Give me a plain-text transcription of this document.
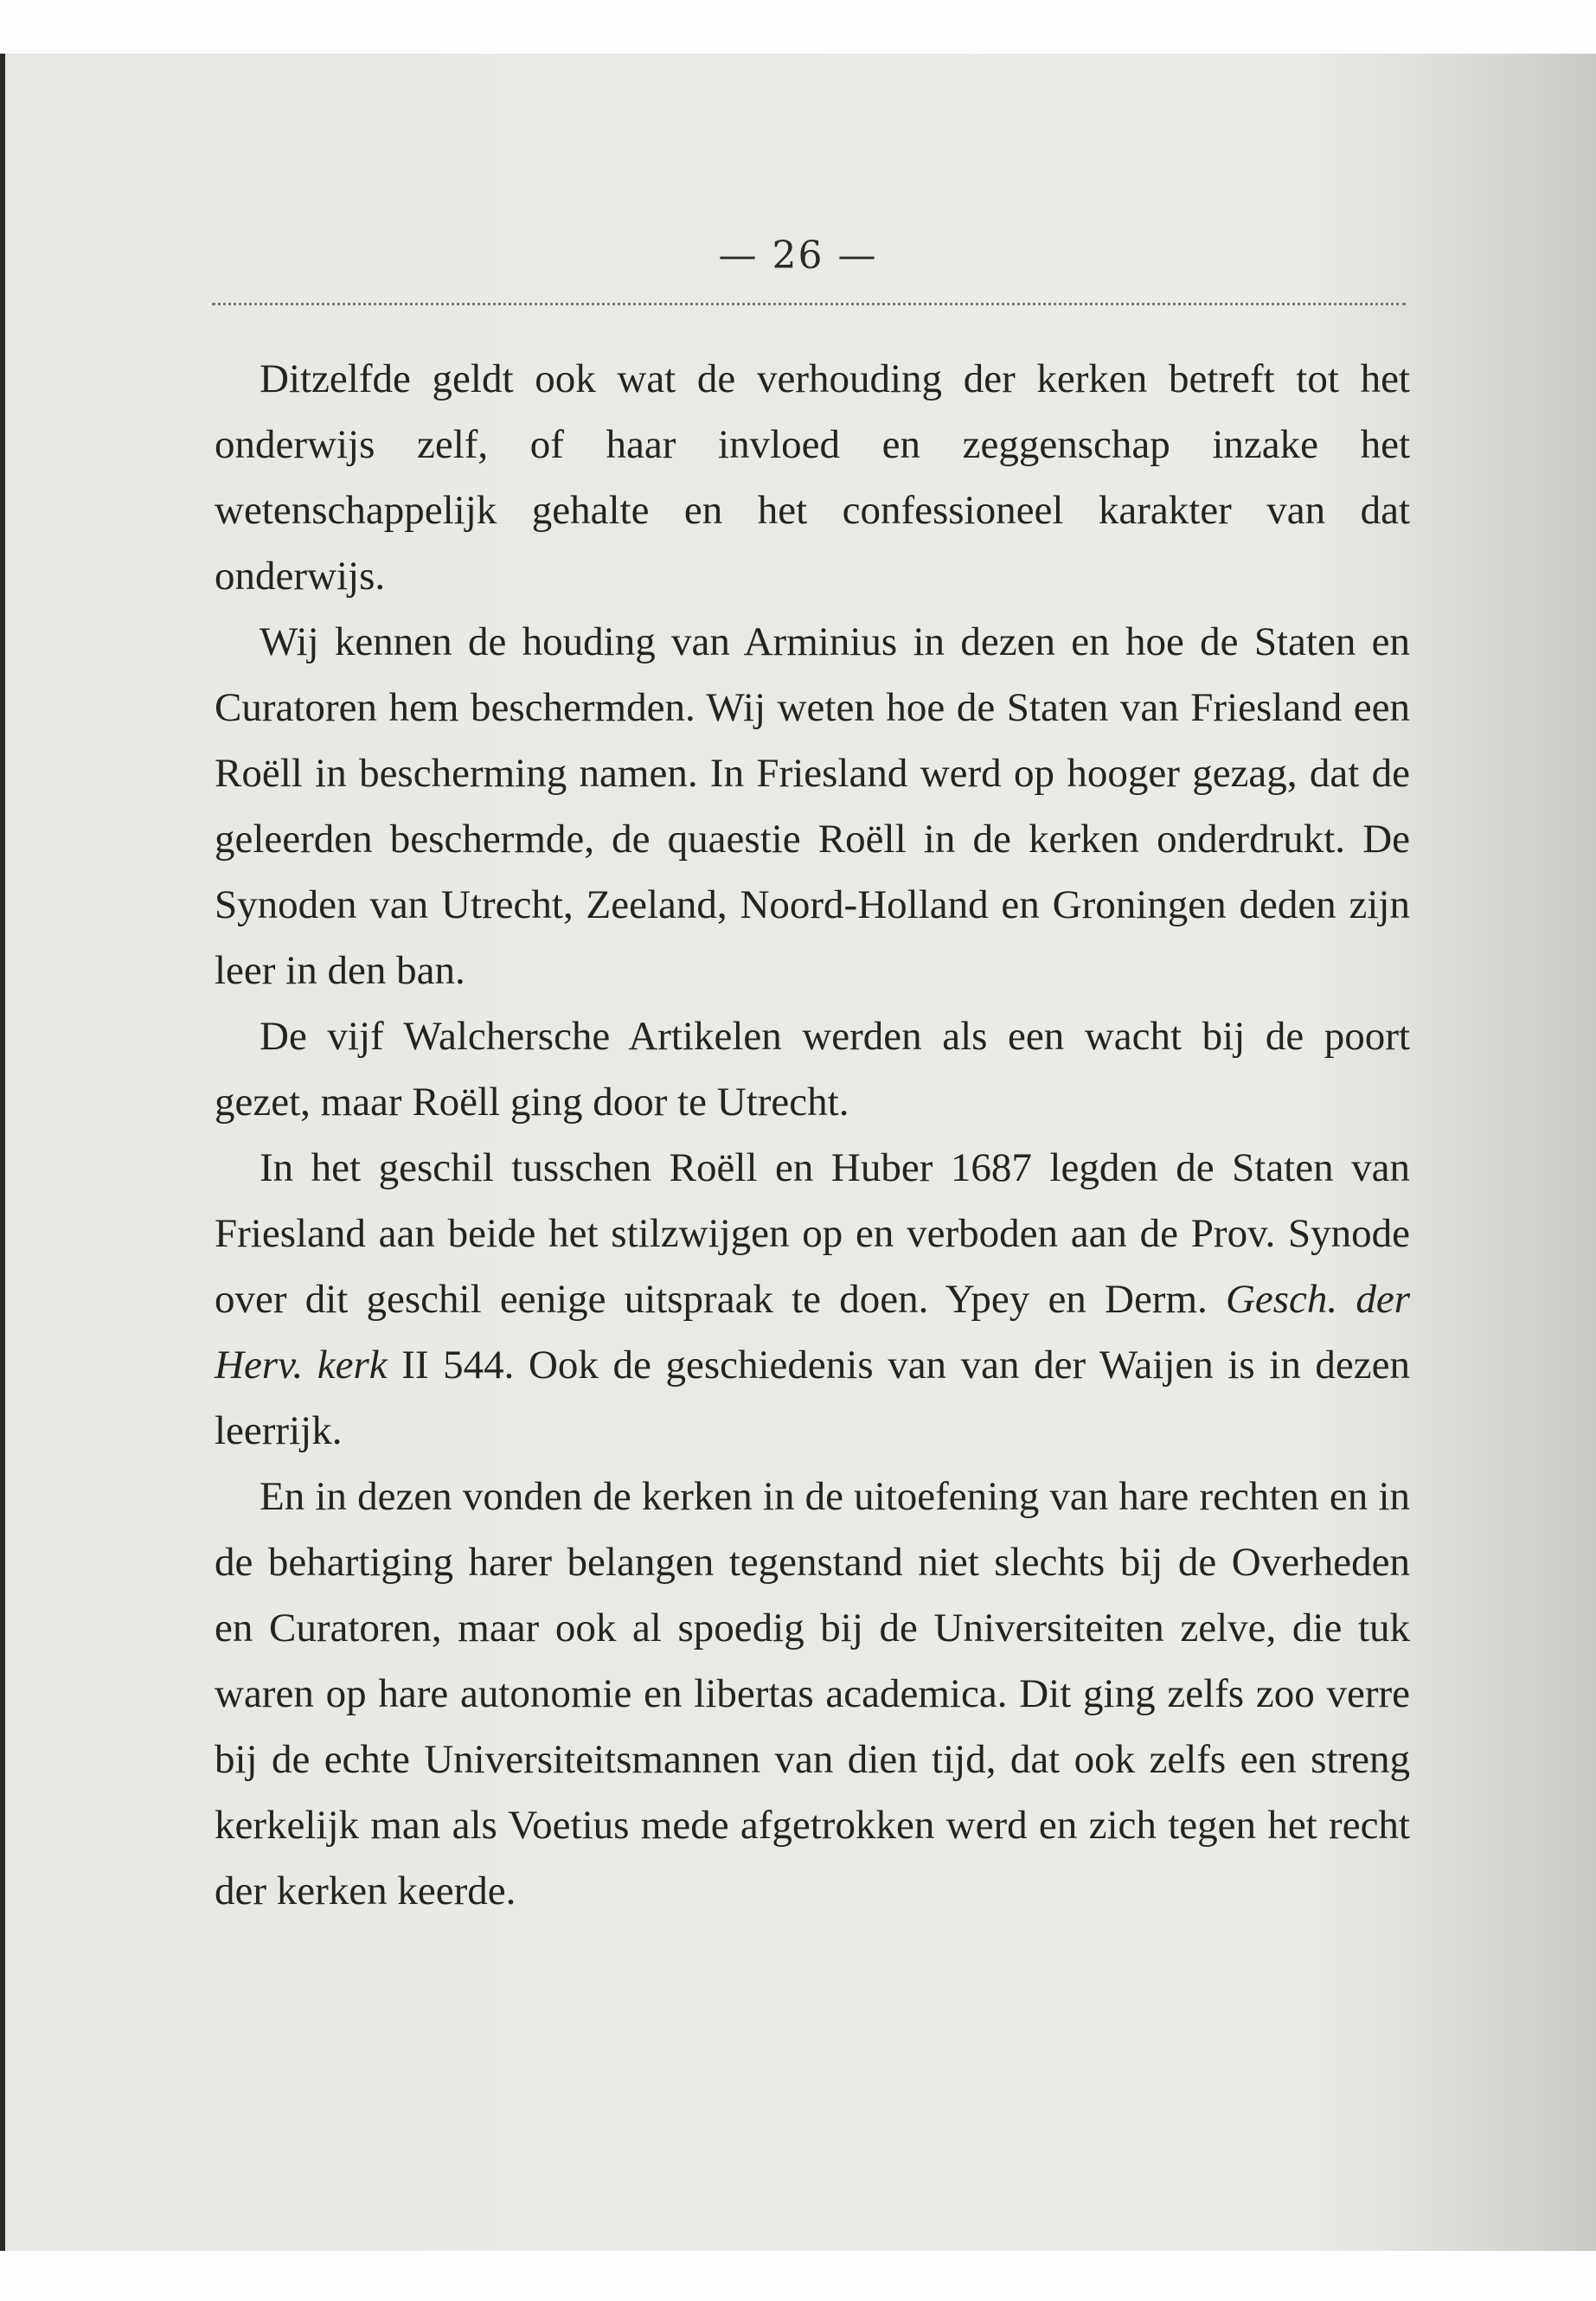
— 26 —

Ditzelfde geldt ook wat de verhouding der kerken betreft tot het onderwijs zelf, of haar invloed en zeggenschap inzake het wetenschappelijk gehalte en het confessioneel karakter van dat onderwijs.

Wij kennen de houding van Arminius in dezen en hoe de Staten en Curatoren hem beschermden. Wij weten hoe de Staten van Friesland een Roëll in bescherming namen. In Friesland werd op hooger gezag, dat de geleerden beschermde, de quaestie Roëll in de kerken onderdrukt. De Synoden van Utrecht, Zeeland, Noord-Holland en Groningen deden zijn leer in den ban.

De vijf Walchersche Artikelen werden als een wacht bij de poort gezet, maar Roëll ging door te Utrecht.

In het geschil tusschen Roëll en Huber 1687 legden de Staten van Friesland aan beide het stilzwijgen op en verboden aan de Prov. Synode over dit geschil eenige uitspraak te doen. Ypey en Derm. Gesch. der Herv. kerk II 544. Ook de geschiedenis van van der Waijen is in dezen leerrijk.

En in dezen vonden de kerken in de uitoefening van hare rechten en in de behartiging harer belangen tegenstand niet slechts bij de Overheden en Curatoren, maar ook al spoedig bij de Universiteiten zelve, die tuk waren op hare autonomie en libertas academica. Dit ging zelfs zoo verre bij de echte Universiteitsmannen van dien tijd, dat ook zelfs een streng kerkelijk man als Voetius mede afgetrokken werd en zich tegen het recht der kerken keerde.
